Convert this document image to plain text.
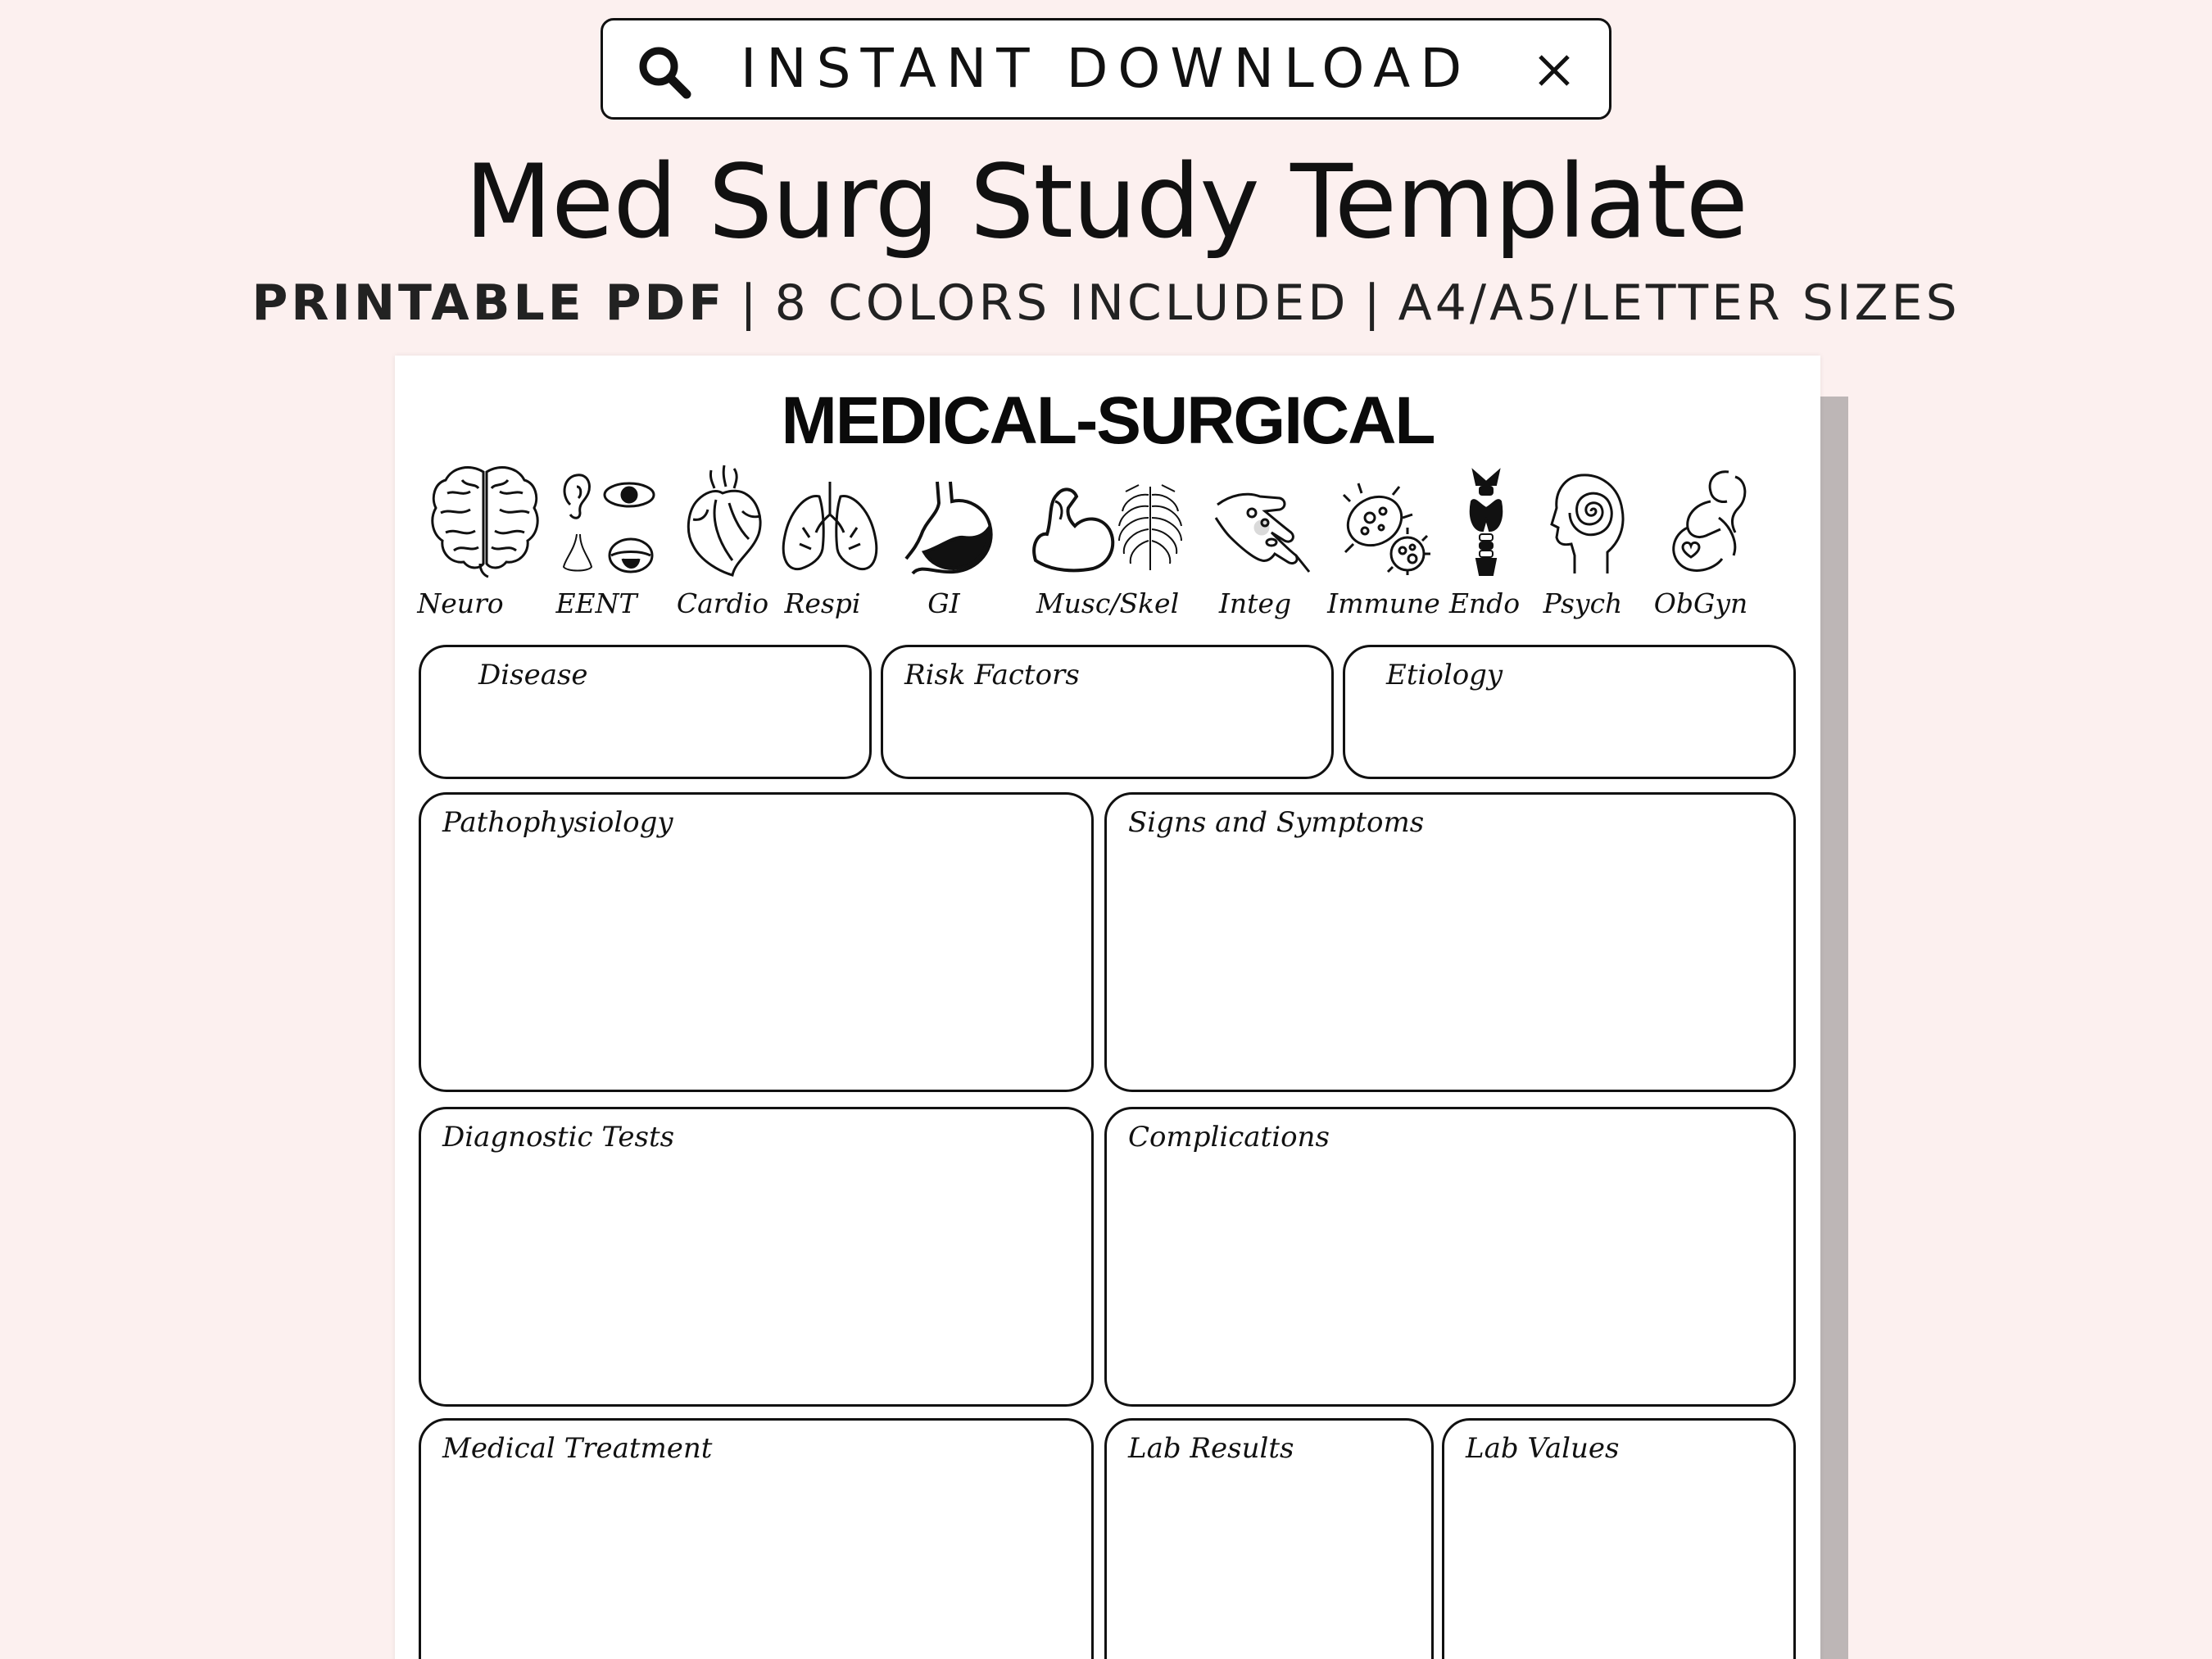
INSTANT DOWNLOAD
Med Surg Study Template
PRINTABLE PDF | 8 COLORS INCLUDED | A4/A5/LETTER SIZES
MEDICAL-SURGICAL
Neuro	EENT	Cardio Respi	GI	Musc/Skel Integ Immune Endo Psych ObGyn
Disease	Risk Factors	Etiology
Pathophysiology	Signs and Symptoms
Diagnostic Tests	Complications
Medical Treatment	Lab Results	Lab Values
